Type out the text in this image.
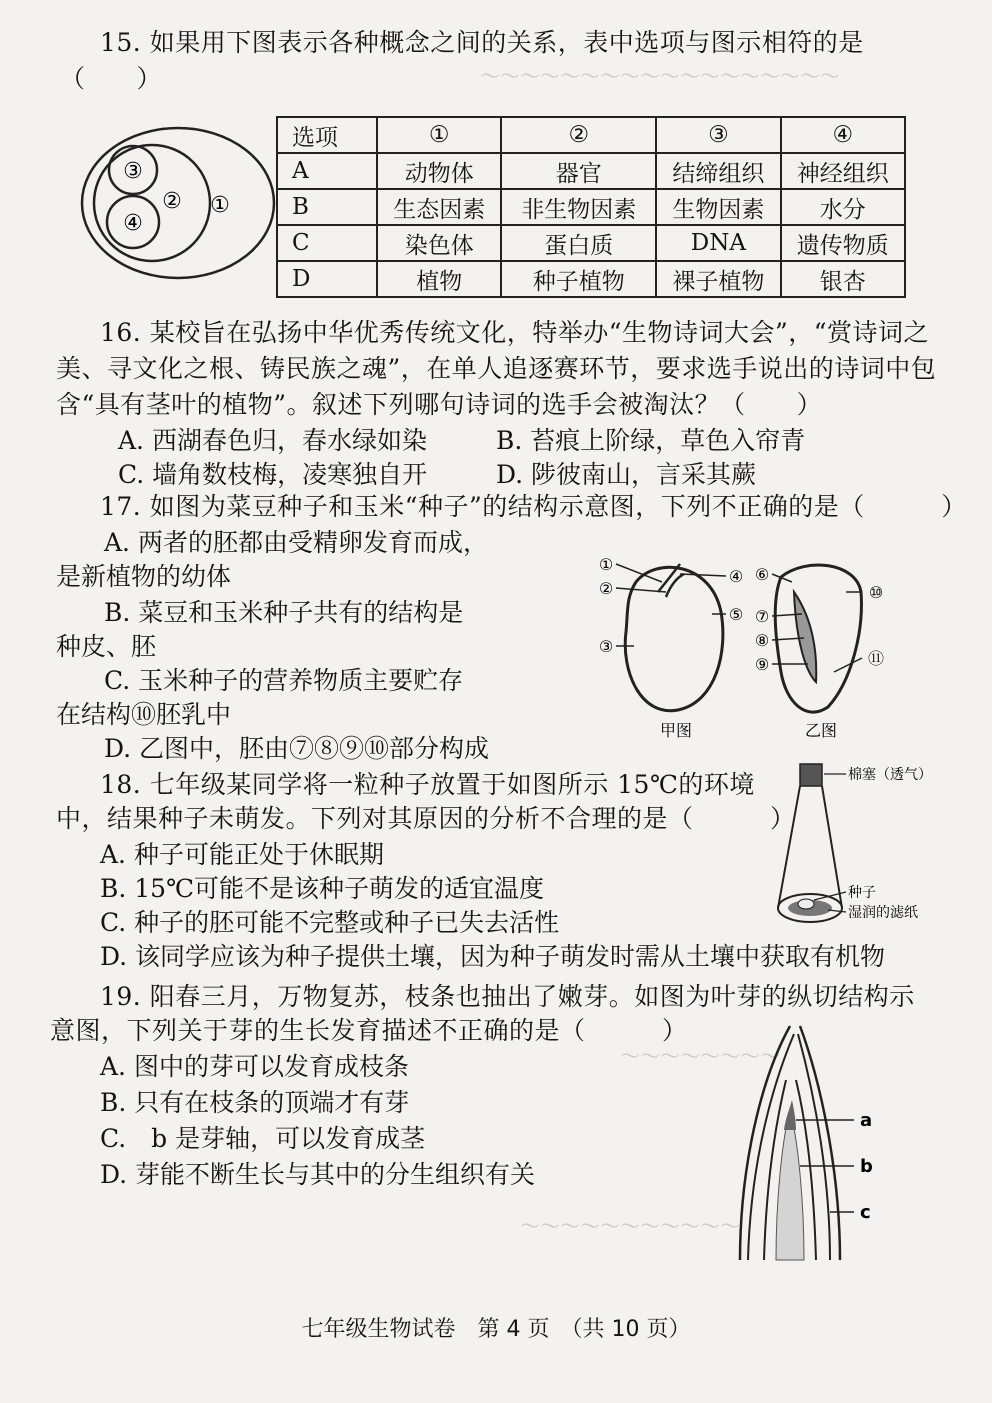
～～～～～～～～～～～～～～～～～～
～～～～～～～～
～～～～～～～～～～～
15. 如果用下图表示各种概念之间的关系，表中选项与图示相符的是
（　　）
③
④
② ①
选项	①	②	③	④
A	动物体	器官	结缔组织	神经组织
B	生态因素	非生物因素	生物因素	水分
C	染色体	蛋白质	DNA	遗传物质
D	植物	种子植物	裸子植物	银杏
16. 某校旨在弘扬中华优秀传统文化，特举办“生物诗词大会”，“赏诗词之
美、寻文化之根、铸民族之魂”，在单人追逐赛环节，要求选手说出的诗词中包
含“具有茎叶的植物”。叙述下列哪句诗词的选手会被淘汰？（　　）
A. 西湖春色归，春水绿如染	B. 苔痕上阶绿，草色入帘青
C. 墙角数枝梅，凌寒独自开	D. 陟彼南山，言采其蕨
17. 如图为菜豆种子和玉米“种子”的结构示意图，下列不正确的是（　　　）
A. 两者的胚都由受精卵发育而成，
是新植物的幼体
B. 菜豆和玉米种子共有的结构是
种皮、胚
C. 玉米种子的营养物质主要贮存
在结构⑩胚乳中
D. 乙图中，胚由⑦⑧⑨⑩部分构成
①
②
③
④
⑤
⑥
⑦
⑧
⑨
⑩
⑪
甲图	乙图
18. 七年级某同学将一粒种子放置于如图所示 15℃的环境
中，结果种子未萌发。下列对其原因的分析不合理的是（　　　）
A. 种子可能正处于休眠期
B. 15℃可能不是该种子萌发的适宜温度
C. 种子的胚可能不完整或种子已失去活性
D. 该同学应该为种子提供土壤，因为种子萌发时需从土壤中获取有机物
棉塞（透气）
种子
湿润的滤纸
19. 阳春三月，万物复苏，枝条也抽出了嫩芽。如图为叶芽的纵切结构示
意图，下列关于芽的生长发育描述不正确的是（　　　）
A. 图中的芽可以发育成枝条
B. 只有在枝条的顶端才有芽
C.　b 是芽轴，可以发育成茎
D. 芽能不断生长与其中的分生组织有关
a
b
c
七年级生物试卷　第 4 页　（共 10 页）
